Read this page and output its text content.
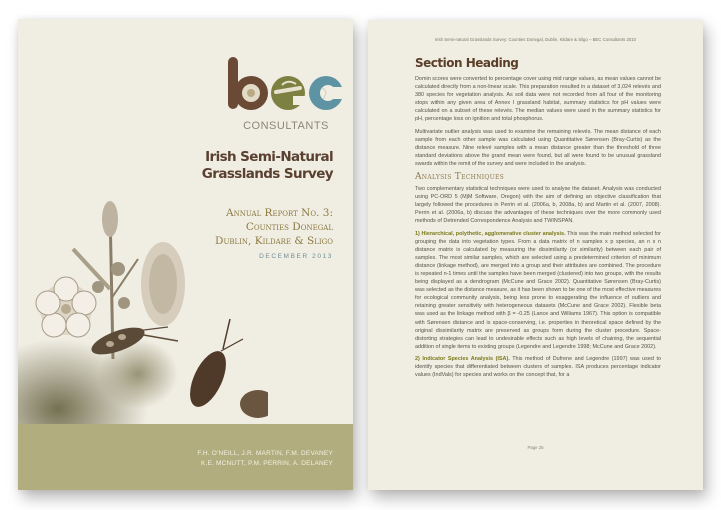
CONSULTANTS
Irish Semi-Natural
Grasslands Survey
Annual Report No. 3:
Counties Donegal
Dublin, Kildare & Sligo
DECEMBER 2013
F.H. O'NEILL, J.R. MARTIN, F.M. DEVANEY
K.E. MCNUTT, P.M. PERRIN, A. DELANEY
Irish Semi-natural Grasslands Survey: Counties Donegal, Dublin, Kildare & Sligo – BEC Consultants 2010
Section Heading

Domin scores were converted to percentage cover using mid range values, as mean values cannot be calculated directly from a non-linear scale. This preparation resulted in a dataset of 3,024 relevés and 380 species for vegetation analysis. As soil data were not recorded from all four of the monitoring stops within any given area of Annex I grassland habitat, summary statistics for pH values were calculated on a subset of these relevés. The median values were used in the summary statistics for pH, percentage loss on ignition and total phosphorus.

Multivariate outlier analysis was used to examine the remaining relevés. The mean distance of each sample from each other sample was calculated using Quantitative Sørensen (Bray-Curtis) as the distance measure. Nine relevé samples with a mean distance greater than the threshold of three standard deviations above the grand mean were found, but all were found to be unusual grassland swards within the remit of the survey and were included in the analysis.

Analysis Techniques

Two complementary statistical techniques were used to analyse the dataset. Analysis was conducted using PC-ORD 5 (MjM Software, Oregon) with the aim of defining an objective classification that largely followed the procedures in Perrin et al. (2006a, b, 2008a, b) and Martin et al. (2007, 2008). Perrin et al. (2006a, b) discuss the advantages of these techniques over the more commonly used methods of Detrended Correspondence Analysis and TWINSPAN.

1) Hierarchical, polythetic, agglomerative cluster analysis. This was the main method selected for grouping the data into vegetation types. From a data matrix of n samples x p species, an n x n distance matrix is calculated by measuring the dissimilarity (or similarity) between each pair of samples. The most similar samples, which are selected using a predetermined criterion of minimum distance (linkage method), are merged into a group and their attributes are combined. The procedure is repeated n-1 times until the samples have been merged (clustered) into two groups, with the results being displayed as a dendrogram (McCune and Grace 2002). Quantitative Sørensen (Bray-Curtis) was selected as the distance measure, as it has been shown to be one of the most effective measures for ecological community analysis, being less prone to exaggerating the influence of outliers and retaining greater sensitivity with heterogeneous datasets (McCune and Grace 2002). Flexible beta was used as the linkage method with β = -0.25 (Lance and Williams 1967). This option is compatible with Sørensen distance and is space-conserving, i.e. properties in theoretical space defined by the original dissimilarity matrix are preserved as groups form during the cluster procedure. Space-distorting strategies can lead to undesirable effects such as high levels of chaining, the sequential addition of single items to existing groups (Legendre and Legendre 1998; McCune and Grace 2002).

2) Indicator Species Analysis (ISA). This method of Dufrene and Legendre (1997) was used to identify species that differentiated between clusters of samples. ISA produces percentage indicator values (IndVals) for species and works on the concept that, for a

Page 25
